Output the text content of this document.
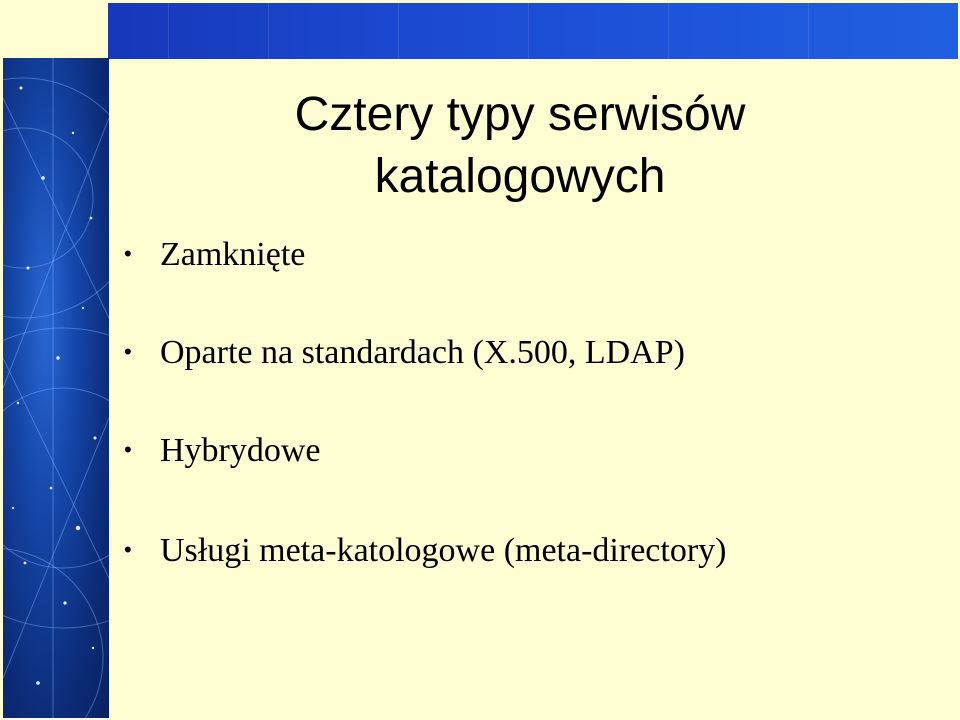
Cztery typy serwisów
katalogowych
• Zamknięte
• Oparte na standardach (X.500, LDAP)
• Hybrydowe
• Usługi meta-katologowe (meta-directory)
